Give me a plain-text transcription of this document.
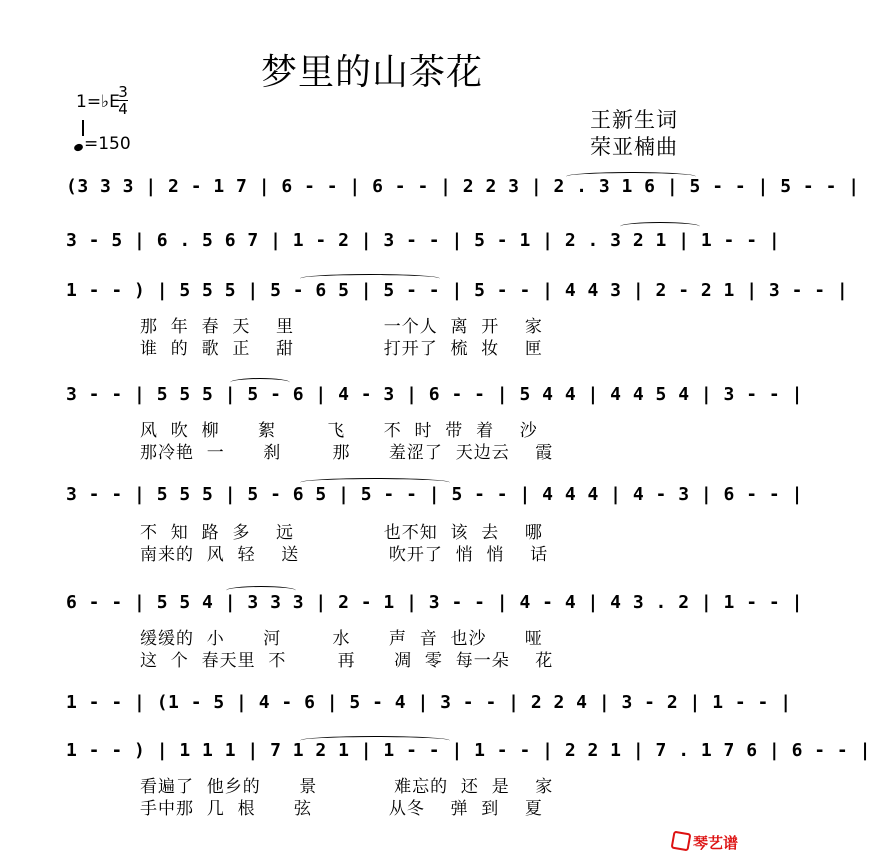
梦里的山茶花
1=♭E
3
4
=150
王新生词
荣亚楠曲
(3 3 3 | 2 - 1 7 | 6 - - | 6 - - | 2 2 3 | 2 . 3 1 6 | 5 - - | 5 - - |
3 - 5 | 6 . 5 6 7 | 1 - 2 | 3 - - | 5 - 1 | 2 . 3 2 1 | 1 - - |
1 - - ) | 5 5 5 | 5 - 6 5 | 5 - - | 5 - - | 4 4 3 | 2 - 2 1 | 3 - - |
3 - - | 5 5 5 | 5 - 6 | 4 - 3 | 6 - - | 5 4 4 | 4 4 5 4 | 3 - - |
3 - - | 5 5 5 | 5 - 6 5 | 5 - - | 5 - - | 4 4 4 | 4 - 3 | 6 - - |
6 - - | 5 5 4 | 3 3 3 | 2 - 1 | 3 - - | 4 - 4 | 4 3 . 2 | 1 - - |
1 - - | (1 - 5 | 4 - 6 | 5 - 4 | 3 - - | 2 2 4 | 3 - 2 | 1 - - |
1 - - ) | 1 1 1 | 7 1 2 1 | 1 - - | 1 - - | 2 2 1 | 7 . 1 7 6 | 6 - - |
那  年  春  天    里              一个人  离  开    家
谁  的  歌  正    甜              打开了  梳  妆    匣
风  吹  柳      絮        飞      不  时  带  着    沙
那冷艳  一      刹        那      羞涩了  天边云    霞
不  知  路  多    远              也不知  该  去    哪
南来的  风  轻    送              吹开了  悄  悄    话
缓缓的  小      河        水      声  音  也沙      哑
这  个  春天里  不        再      凋  零  每一朵    花
看遍了  他乡的      景            难忘的  还  是    家
手中那  几  根      弦            从冬    弹  到    夏
琴艺谱
